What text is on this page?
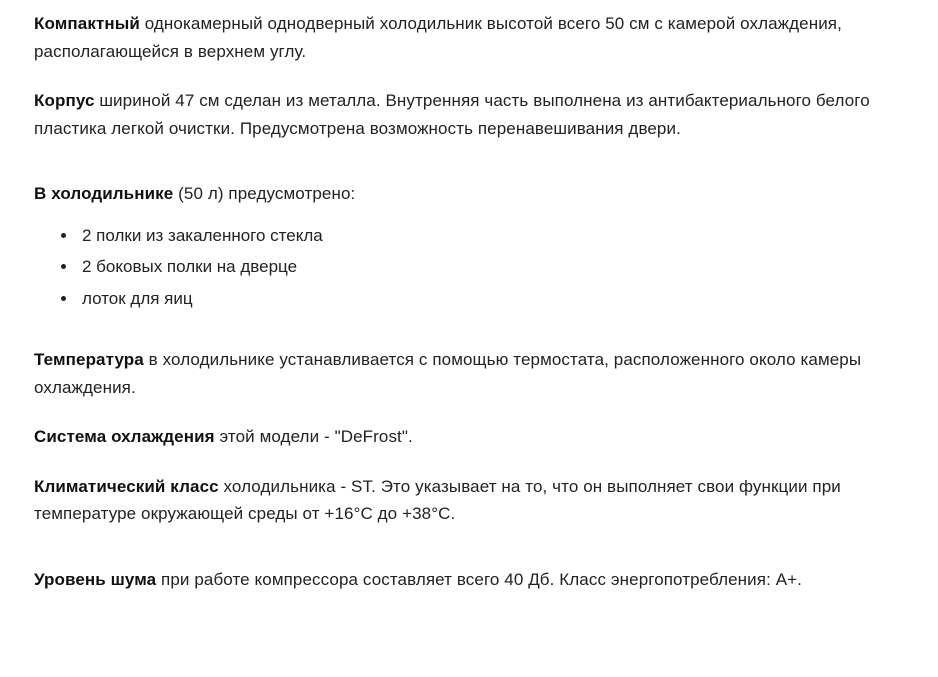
Компактный однокамерный однодверный холодильник высотой всего 50 см с камерой охлаждения, располагающейся в верхнем углу.

Корпус шириной 47 см сделан из металла. Внутренняя часть выполнена из антибактериального белого пластика легкой очистки. Предусмотрена возможность перенавешивания двери.

В холодильнике (50 л) предусмотрено:

• 2 полки из закаленного стекла
• 2 боковых полки на дверце
• лоток для яиц

Температура в холодильнике устанавливается с помощью термостата, расположенного около камеры охлаждения.

Система охлаждения этой модели - "DeFrost".

Климатический класс холодильника - ST. Это указывает на то, что он выполняет свои функции при температуре окружающей среды от +16°C до +38°C.

Уровень шума при работе компрессора составляет всего 40 Дб. Класс энергопотребления: А+.
